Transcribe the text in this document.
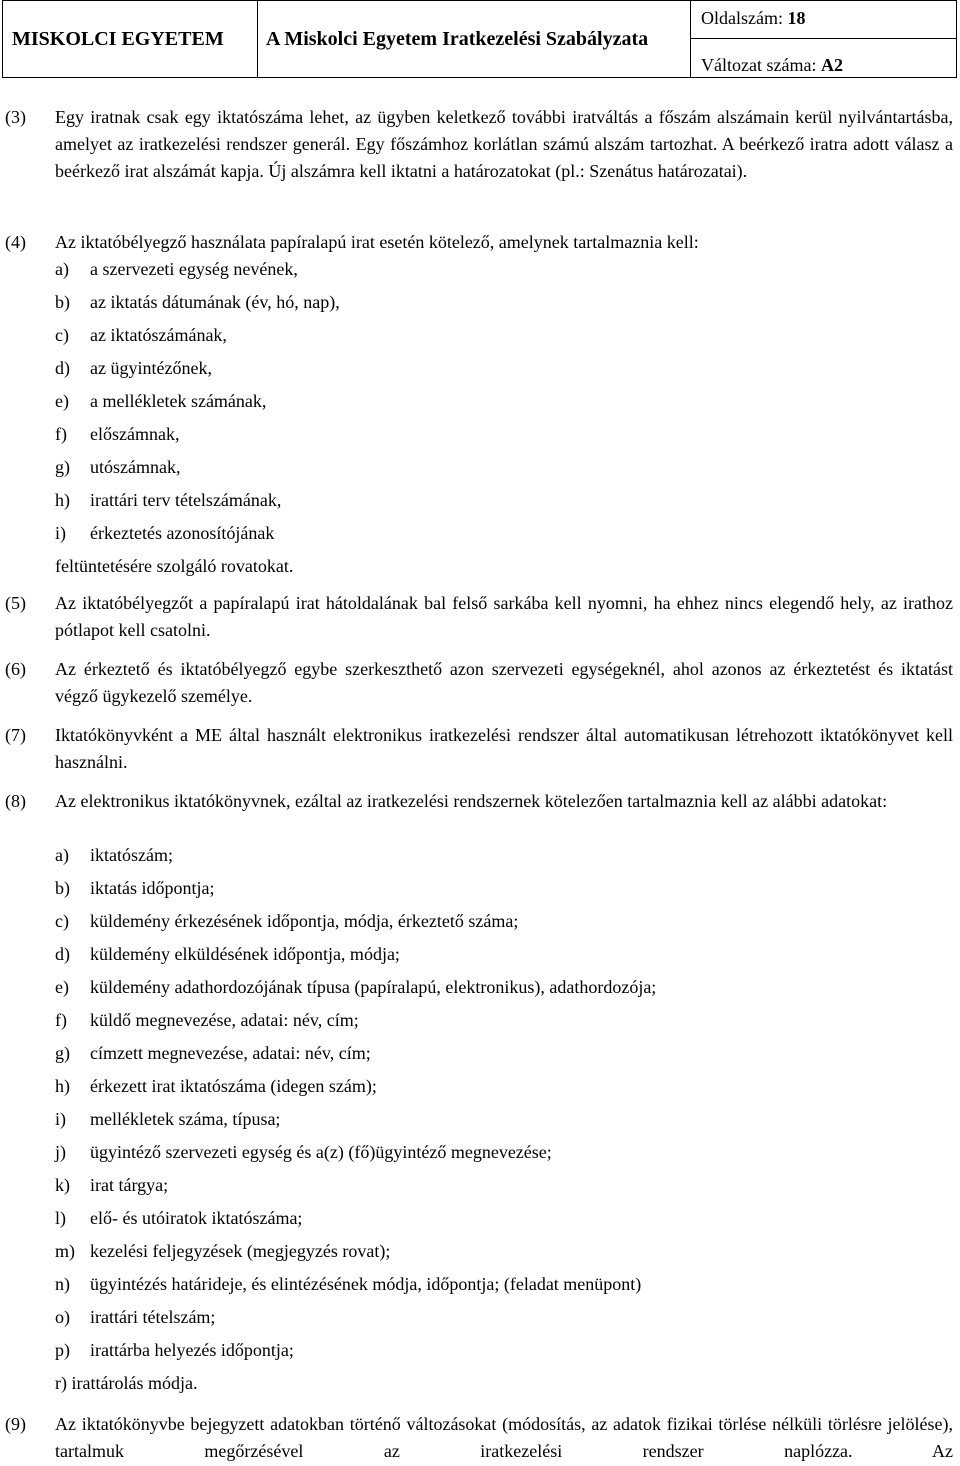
MISKOLCI EGYETEM	A Miskolci Egyetem Iratkezelési Szabályzata
Oldalszám: 18
Változat száma: A2
(3) Egy iratnak csak egy iktatószáma lehet, az ügyben keletkező további iratváltás a főszám alszámain kerül nyilvántartásba, amelyet az iratkezelési rendszer generál. Egy főszámhoz korlátlan számú alszám tartozhat. A beérkező iratra adott válasz a beérkező irat alszámát kapja. Új alszámra kell iktatni a határozatokat (pl.: Szenátus határozatai).
(4) Az iktatóbélyegző használata papíralapú irat esetén kötelező, amelynek tartalmaznia kell:
a) a szervezeti egység nevének,
b) az iktatás dátumának (év, hó, nap),
c) az iktatószámának,
d) az ügyintézőnek,
e) a mellékletek számának,
f) előszámnak,
g) utószámnak,
h) irattári terv tételszámának,
i) érkeztetés azonosítójának
feltüntetésére szolgáló rovatokat.
(5) Az iktatóbélyegzőt a papíralapú irat hátoldalának bal felső sarkába kell nyomni, ha ehhez nincs elegendő hely, az irathoz pótlapot kell csatolni.
(6) Az érkeztető és iktatóbélyegző egybe szerkeszthető azon szervezeti egységeknél, ahol azonos az érkeztetést és iktatást végző ügykezelő személye.
(7) Iktatókönyvként a ME által használt elektronikus iratkezelési rendszer által automatikusan létrehozott iktatókönyvet kell használni.
(8) Az elektronikus iktatókönyvnek, ezáltal az iratkezelési rendszernek kötelezően tartalmaznia kell az alábbi adatokat:
a) iktatószám;
b) iktatás időpontja;
c) küldemény érkezésének időpontja, módja, érkeztető száma;
d) küldemény elküldésének időpontja, módja;
e) küldemény adathordozójának típusa (papíralapú, elektronikus), adathordozója;
f) küldő megnevezése, adatai: név, cím;
g) címzett megnevezése, adatai: név, cím;
h) érkezett irat iktatószáma (idegen szám);
i) mellékletek száma, típusa;
j) ügyintéző szervezeti egység és a(z) (fő)ügyintéző megnevezése;
k) irat tárgya;
l) elő- és utóiratok iktatószáma;
m) kezelési feljegyzések (megjegyzés rovat);
n) ügyintézés határideje, és elintézésének módja, időpontja; (feladat menüpont)
o) irattári tételszám;
p) irattárba helyezés időpontja;
r) irattárolás módja.
(9) Az iktatókönyvbe bejegyzett adatokban történő változásokat (módosítás, az adatok fizikai törlése nélküli törlésre jelölése), tartalmuk megőrzésével az iratkezelési rendszer naplózza. Az
